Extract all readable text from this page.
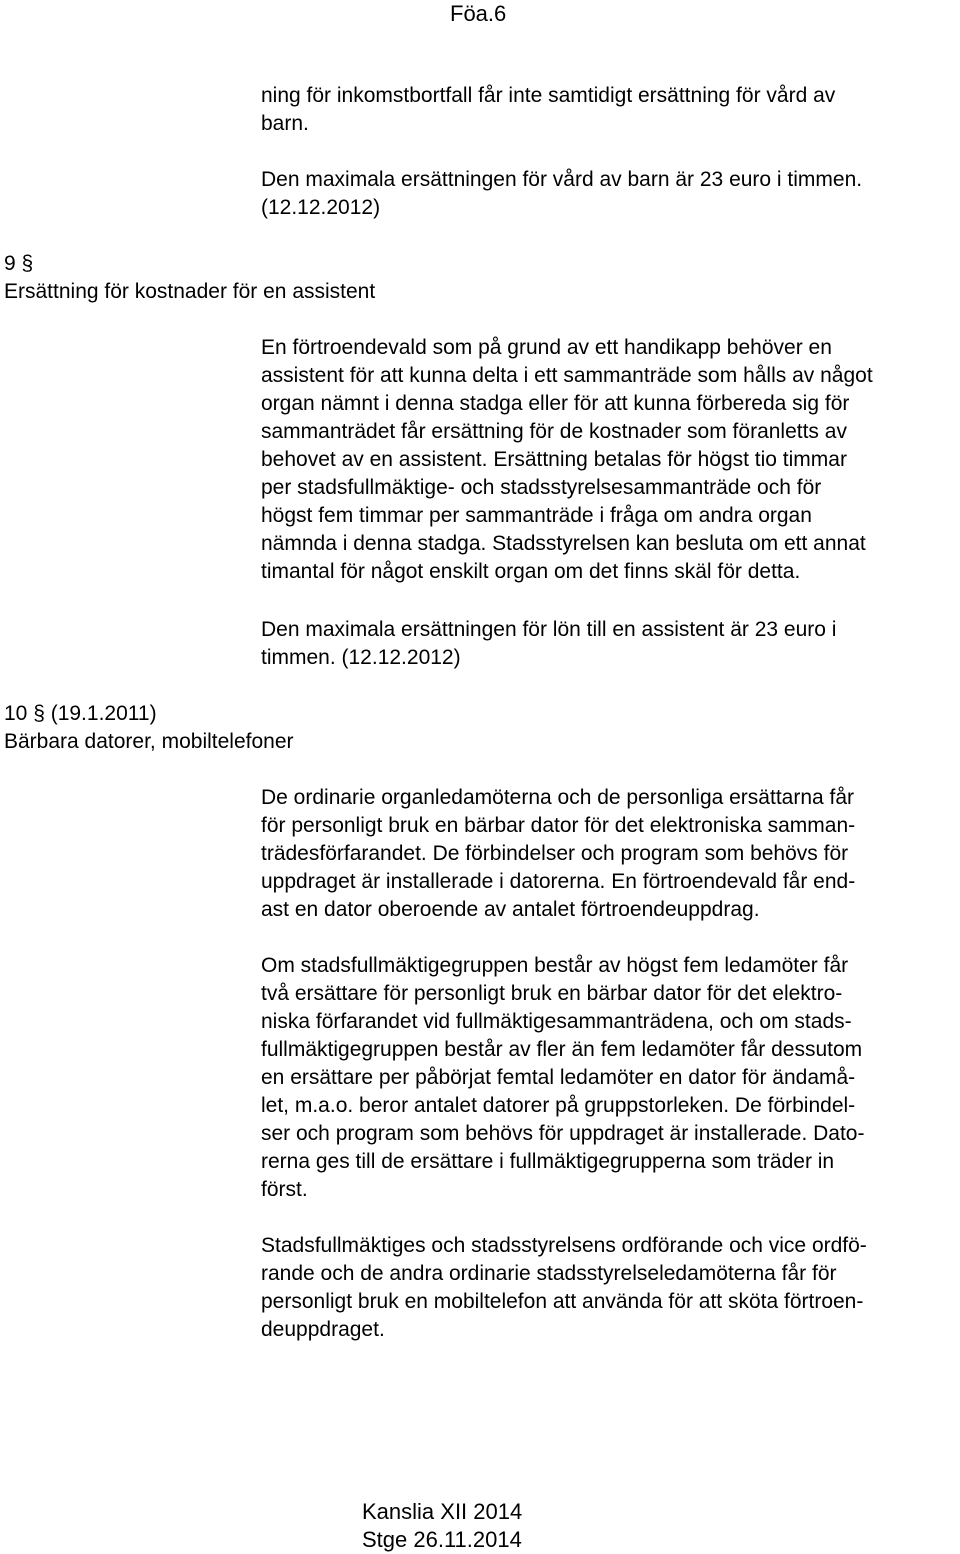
Föa.6
ning för inkomstbortfall får inte samtidigt ersättning för vård av
barn.
Den maximala ersättningen för vård av barn är 23 euro i timmen.
(12.12.2012)
9 §
Ersättning för kostnader för en assistent
En förtroendevald som på grund av ett handikapp behöver en
assistent för att kunna delta i ett sammanträde som hålls av något
organ nämnt i denna stadga eller för att kunna förbereda sig för
sammanträdet får ersättning för de kostnader som föranletts av
behovet av en assistent. Ersättning betalas för högst tio timmar
per stadsfullmäktige- och stadsstyrelsesammanträde och för
högst fem timmar per sammanträde i fråga om andra organ
nämnda i denna stadga. Stadsstyrelsen kan besluta om ett annat
timantal för något enskilt organ om det finns skäl för detta.
Den maximala ersättningen för lön till en assistent är 23 euro i
timmen. (12.12.2012)
10 § (19.1.2011)
Bärbara datorer, mobiltelefoner
De ordinarie organledamöterna och de personliga ersättarna får
för personligt bruk en bärbar dator för det elektroniska samman-
trädesförfarandet. De förbindelser och program som behövs för
uppdraget är installerade i datorerna. En förtroendevald får end-
ast en dator oberoende av antalet förtroendeuppdrag.
Om stadsfullmäktigegruppen består av högst fem ledamöter får
två ersättare för personligt bruk en bärbar dator för det elektro-
niska förfarandet vid fullmäktigesammanträdena, och om stads-
fullmäktigegruppen består av fler än fem ledamöter får dessutom
en ersättare per påbörjat femtal ledamöter en dator för ändamå-
let, m.a.o. beror antalet datorer på gruppstorleken. De förbindel-
ser och program som behövs för uppdraget är installerade. Dato-
rerna ges till de ersättare i fullmäktigegrupperna som träder in
först.
Stadsfullmäktiges och stadsstyrelsens ordförande och vice ordfö-
rande och de andra ordinarie stadsstyrelseledamöterna får för
personligt bruk en mobiltelefon att använda för att sköta förtroen-
deuppdraget.
Kanslia XII 2014
Stge 26.11.2014
